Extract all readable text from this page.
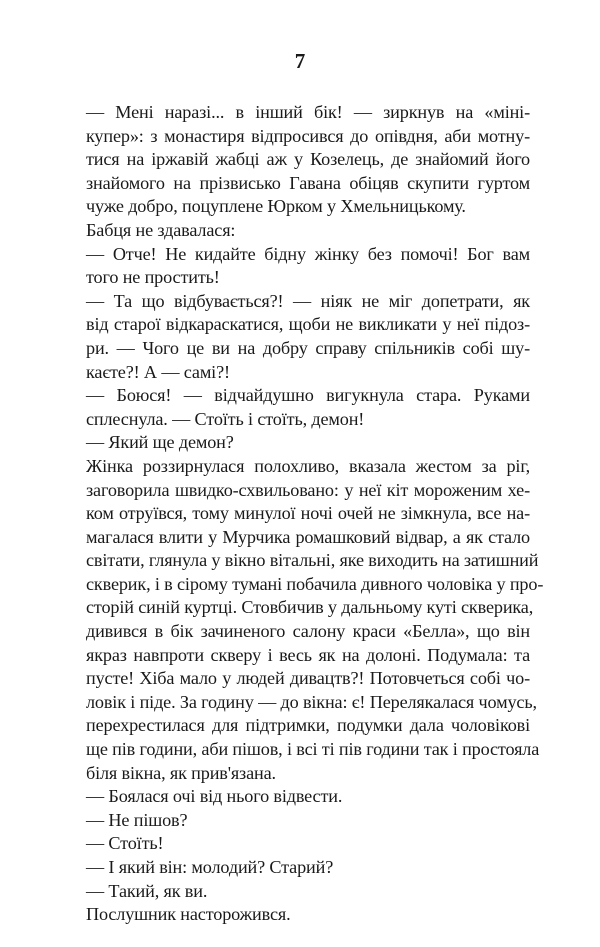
7
— Мені наразі... в інший бік! — зиркнув на «міні-
купер»: з монастиря відпросився до опівдня, аби мотну-
тися на іржавій жабці аж у Козелець, де знайомий його
знайомого на прізвисько Гавана обіцяв скупити гуртом
чуже добро, поцуплене Юрком у Хмельницькому.
Бабця не здавалася:
— Отче! Не кидайте бідну жінку без помочі! Бог вам
того не простить!
— Та що відбувається?! — ніяк не міг допетрати, як
від старої відкараскатися, щоби не викликати у неї підоз-
ри. — Чого це ви на добру справу спільників собі шу-
каєте?! А — самі?!
— Боюся! — відчайдушно вигукнула стара. Руками
сплеснула. — Стоїть і стоїть, демон!
— Який ще демон?
Жінка роззирнулася полохливо, вказала жестом за ріг,
заговорила швидко-схвильовано: у неї кіт мороженим хе-
ком отруївся, тому минулої ночі очей не зімкнула, все на-
магалася влити у Мурчика ромашковий відвар, а як стало
світати, глянула у вікно вітальні, яке виходить на затишний
скверик, і в сірому тумані побачила дивного чоловіка у про-
сторій синій куртці. Стовбичив у дальньому куті скверика,
дивився в бік зачиненого салону краси «Белла», що він
якраз навпроти скверу і весь як на долоні. Подумала: та
пусте! Хіба мало у людей дивацтв?! Потовчеться собі чо-
ловік і піде. За годину — до вікна: є! Перелякалася чомусь,
перехрестилася для підтримки, подумки дала чоловікові
ще пів години, аби пішов, і всі ті пів години так і простояла
біля вікна, як прив'язана.
— Боялася очі від нього відвести.
— Не пішов?
— Стоїть!
— І який він: молодий? Старий?
— Такий, як ви.
Послушник насторожився.
